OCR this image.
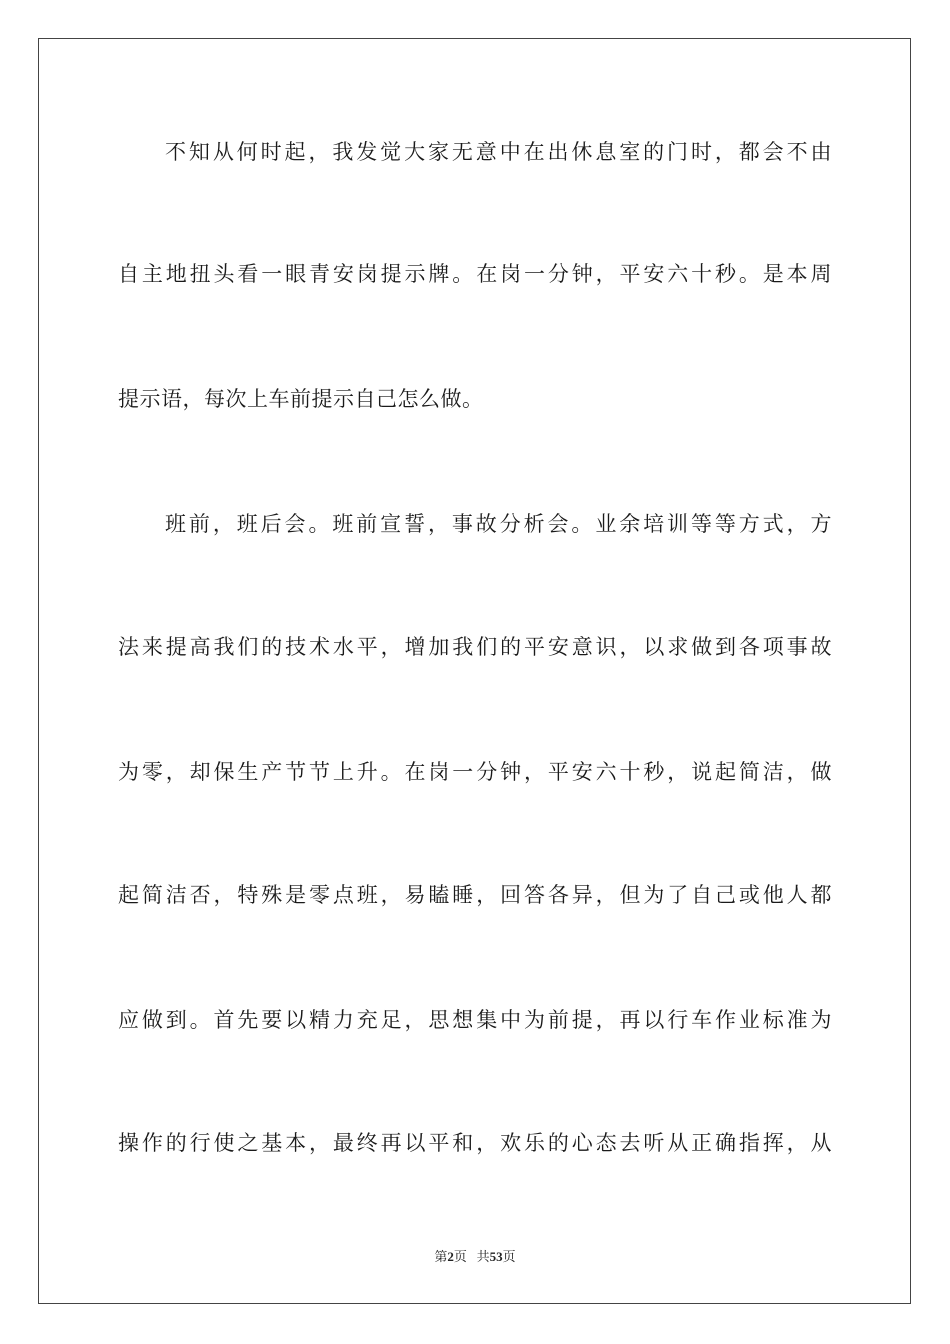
不知从何时起，我发觉大家无意中在出休息室的门时，都会不由
自主地扭头看一眼青安岗提示牌。在岗一分钟，平安六十秒。是本周
提示语，每次上车前提示自己怎么做。
班前，班后会。班前宣誓，事故分析会。业余培训等等方式，方
法来提高我们的技术水平，增加我们的平安意识，以求做到各项事故
为零，却保生产节节上升。在岗一分钟，平安六十秒，说起简洁，做
起简洁否，特殊是零点班，易瞌睡，回答各异，但为了自己或他人都
应做到。首先要以精力充足，思想集中为前提，再以行车作业标准为
操作的行使之基本，最终再以平和，欢乐的心态去听从正确指挥，从
第2页 共53页
